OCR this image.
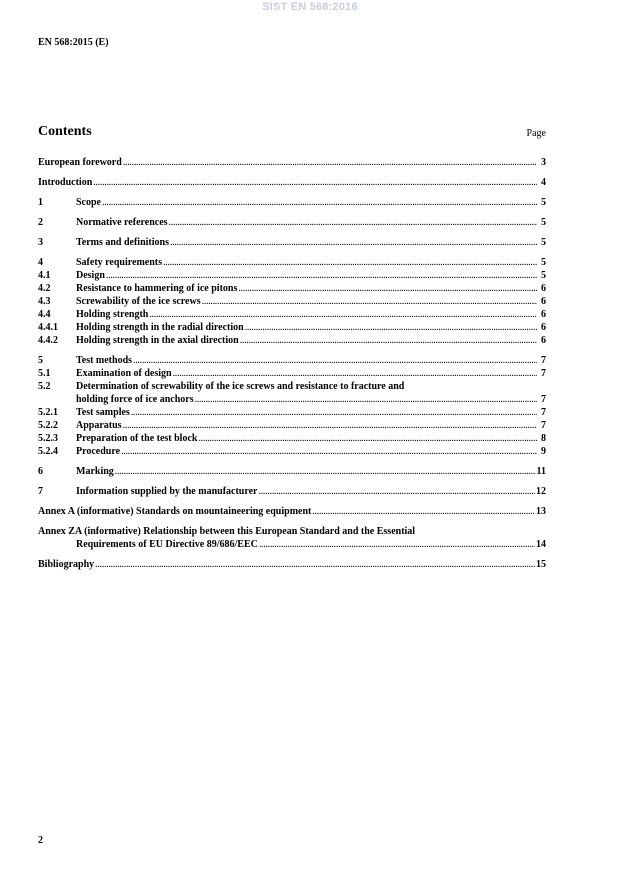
SIST EN 568:2016
EN 568:2015 (E)
Contents	Page
European foreword .....	3
Introduction .....	4
1	Scope .....	5
2	Normative references .....	5
3	Terms and definitions .....	5
4	Safety requirements .....	5
4.1	Design .....	5
4.2	Resistance to hammering of ice pitons .....	6
4.3	Screwability of the ice screws .....	6
4.4	Holding strength .....	6
4.4.1	Holding strength in the radial direction .....	6
4.4.2	Holding strength in the axial direction .....	6
5	Test methods .....	7
5.1	Examination of design .....	7
5.2	Determination of screwability of the ice screws and resistance to fracture and
holding force of ice anchors .....	7
5.2.1	Test samples .....	7
5.2.2	Apparatus .....	7
5.2.3	Preparation of the test block .....	8
5.2.4	Procedure .....	9
6	Marking .....	11
7	Information supplied by the manufacturer .....	12
Annex A (informative) Standards on mountaineering equipment .....	13
Annex ZA (informative) Relationship between this European Standard and the Essential
Requirements of EU Directive 89/686/EEC .....	14
Bibliography .....	15
2
